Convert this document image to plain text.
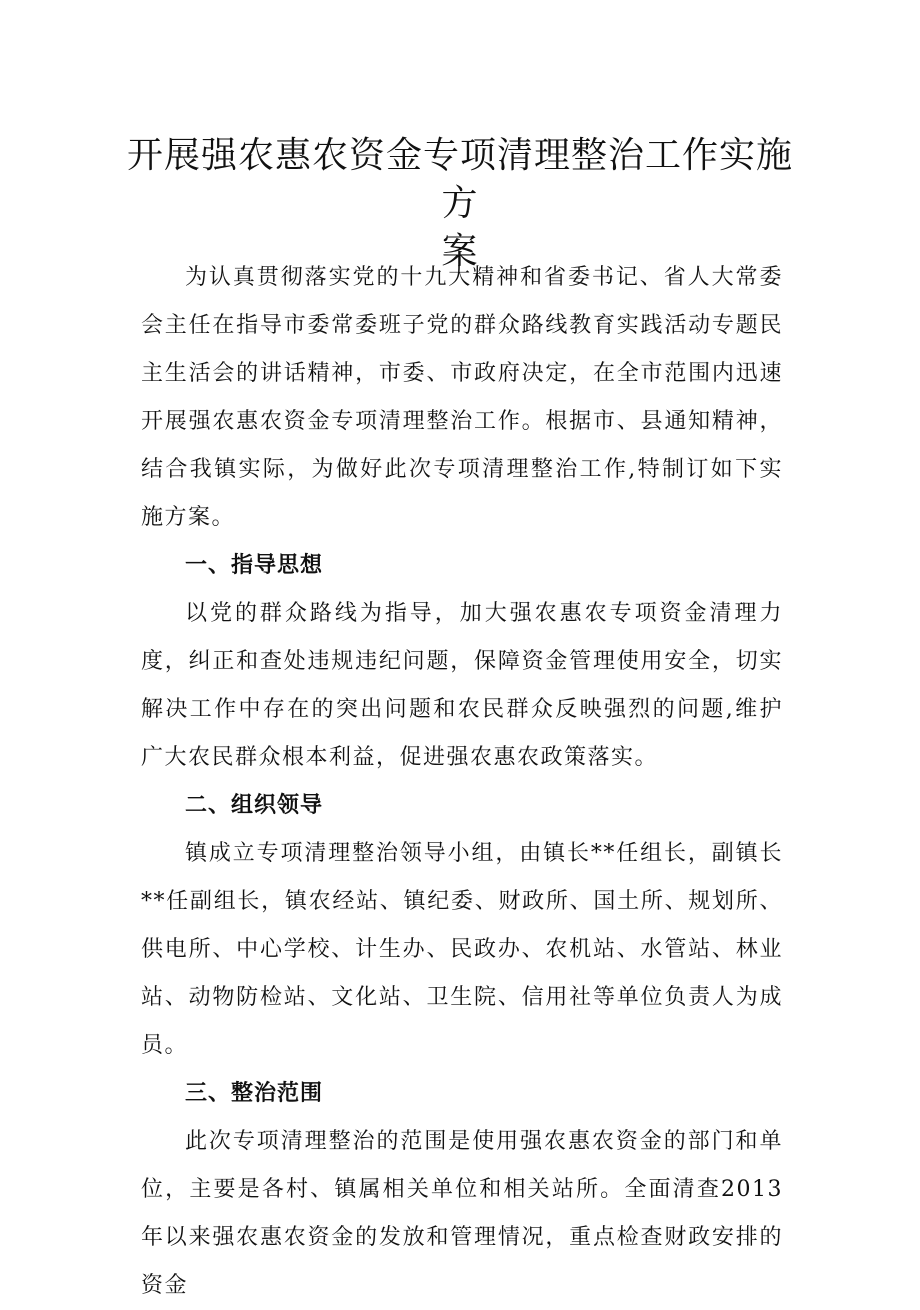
开展强农惠农资金专项清理整治工作实施方
案

为认真贯彻落实党的十九大精神和省委书记、省人大常委会主任在指导市委常委班子党的群众路线教育实践活动专题民主生活会的讲话精神，市委、市政府决定，在全市范围内迅速开展强农惠农资金专项清理整治工作。根据市、县通知精神，结合我镇实际，为做好此次专项清理整治工作,特制订如下实施方案。

一、指导思想

以党的群众路线为指导，加大强农惠农专项资金清理力度，纠正和查处违规违纪问题，保障资金管理使用安全，切实解决工作中存在的突出问题和农民群众反映强烈的问题,维护广大农民群众根本利益，促进强农惠农政策落实。

二、组织领导

镇成立专项清理整治领导小组，由镇长**任组长，副镇长**任副组长，镇农经站、镇纪委、财政所、国土所、规划所、供电所、中心学校、计生办、民政办、农机站、水管站、林业站、动物防检站、文化站、卫生院、信用社等单位负责人为成员。

三、整治范围

此次专项清理整治的范围是使用强农惠农资金的部门和单位，主要是各村、镇属相关单位和相关站所。全面清查2013年以来强农惠农资金的发放和管理情况，重点检查财政安排的资金
